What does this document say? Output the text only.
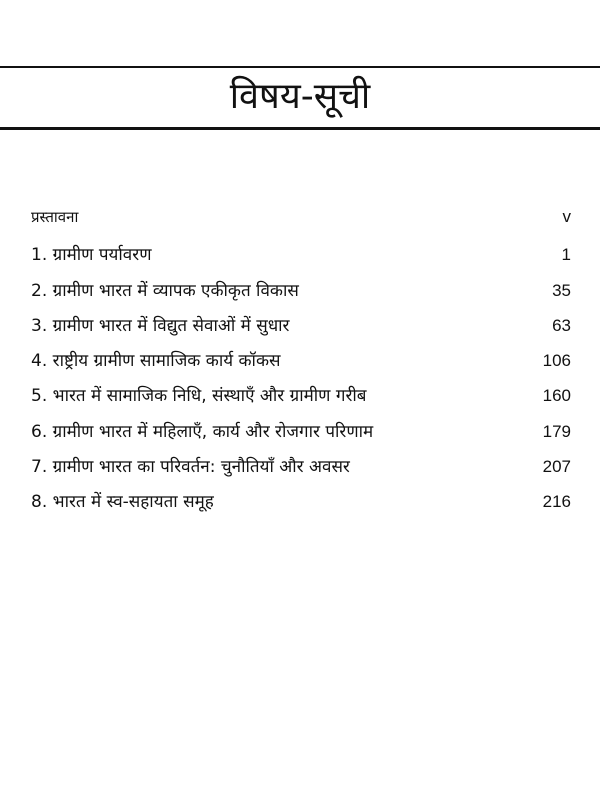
विषय-सूची
प्रस्तावना	v
1. ग्रामीण पर्यावरण	1
2. ग्रामीण भारत में व्यापक एकीकृत विकास	35
3. ग्रामीण भारत में विद्युत सेवाओं में सुधार	63
4. राष्ट्रीय ग्रामीण सामाजिक कार्य कॉकस	106
5. भारत में सामाजिक निधि, संस्थाएँ और ग्रामीण गरीब	160
6. ग्रामीण भारत में महिलाएँ, कार्य और रोजगार परिणाम	179
7. ग्रामीण भारत का परिवर्तन: चुनौतियाँ और अवसर	207
8. भारत में स्व-सहायता समूह	216
